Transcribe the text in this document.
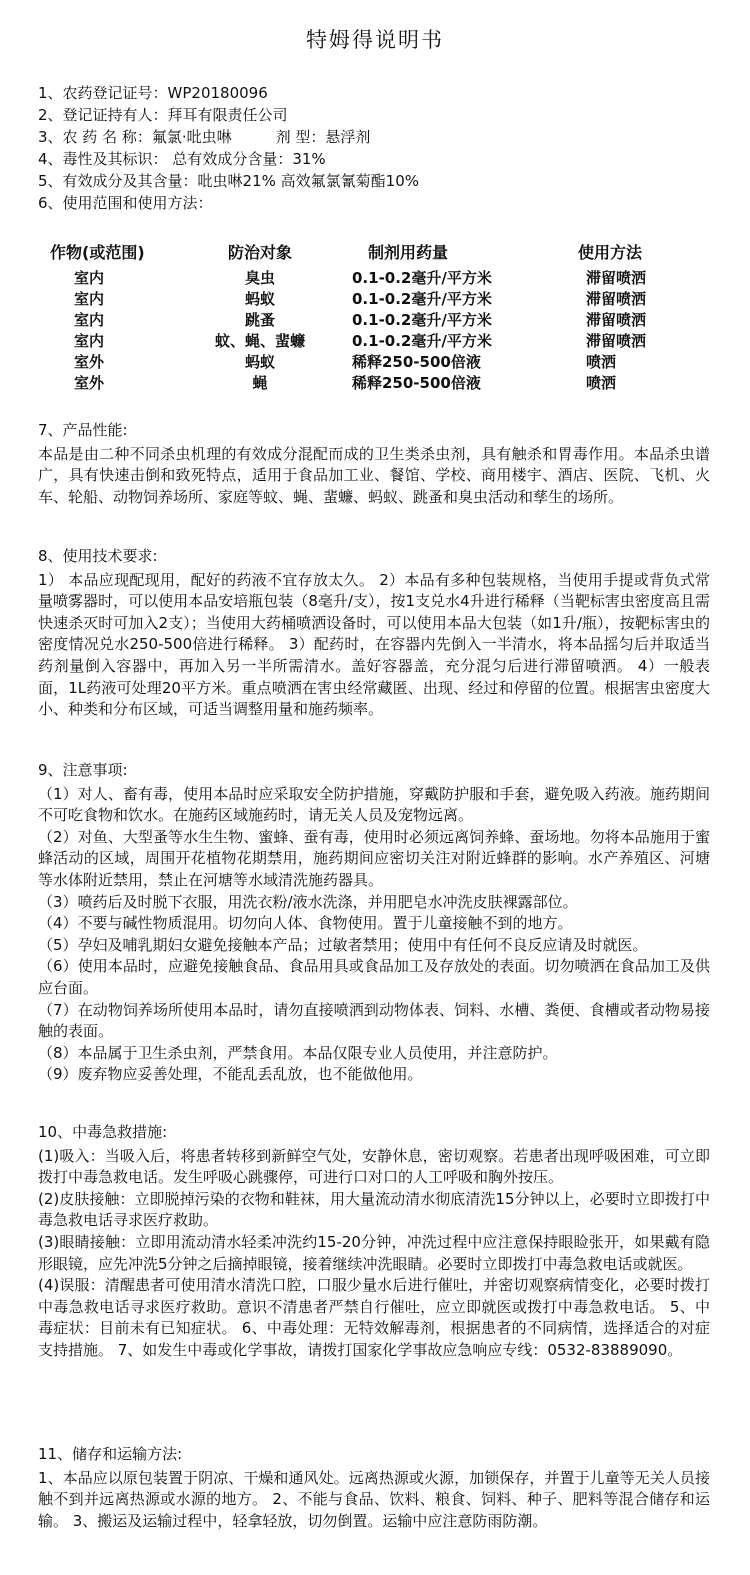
特姆得说明书

1、农药登记证号：WP20180096

2、登记证持有人：拜耳有限责任公司

3、农 药 名 称：氟氯·吡虫啉	剂 型：悬浮剂

4、毒性及其标识： 总有效成分含量：31%

5、有效成分及其含量：吡虫啉21% 高效氟氯氰菊酯10%

6、使用范围和使用方法：

作物(或范围)	防治对象	制剂用药量	使用方法
室内	臭虫	0.1-0.2毫升/平方米	滞留喷洒
室内	蚂蚁	0.1-0.2毫升/平方米	滞留喷洒
室内	跳蚤	0.1-0.2毫升/平方米	滞留喷洒
室内	蚊、蝇、蜚蠊	0.1-0.2毫升/平方米	滞留喷洒
室外	蚂蚁	稀释250-500倍液	喷洒
室外	蝇	稀释250-500倍液	喷洒

7、产品性能:

本品是由二种不同杀虫机理的有效成分混配而成的卫生类杀虫剂，具有触杀和胃毒作用。本品杀虫谱广，具有快速击倒和致死特点，适用于食品加工业、餐馆、学校、商用楼宇、酒店、医院、飞机、火车、轮船、动物饲养场所、家庭等蚊、蝇、蜚蠊、蚂蚁、跳蚤和臭虫活动和孳生的场所。

8、使用技术要求:

1） 本品应现配现用，配好的药液不宜存放太久。 2）本品有多种包装规格，当使用手提或背负式常量喷雾器时，可以使用本品安培瓶包装（8毫升/支），按1支兑水4升进行稀释（当靶标害虫密度高且需快速杀灭时可加入2支）；当使用大药桶喷洒设备时，可以使用本品大包装（如1升/瓶），按靶标害虫的密度情况兑水250-500倍进行稀释。 3）配药时，在容器内先倒入一半清水，将本品摇匀后并取适当药剂量倒入容器中，再加入另一半所需清水。盖好容器盖，充分混匀后进行滞留喷洒。 4）一般表面，1L药液可处理20平方米。重点喷洒在害虫经常藏匿、出现、经过和停留的位置。根据害虫密度大小、种类和分布区域，可适当调整用量和施药频率。

9、注意事项:

（1）对人、畜有毒，使用本品时应采取安全防护措施，穿戴防护服和手套，避免吸入药液。施药期间不可吃食物和饮水。在施药区域施药时，请无关人员及宠物远离。

（2）对鱼、大型蚤等水生生物、蜜蜂、蚕有毒，使用时必须远离饲养蜂、蚕场地。勿将本品施用于蜜蜂活动的区域，周围开花植物花期禁用，施药期间应密切关注对附近蜂群的影响。水产养殖区、河塘等水体附近禁用，禁止在河塘等水域清洗施药器具。

（3）喷药后及时脱下衣服，用洗衣粉/液水洗涤，并用肥皂水冲洗皮肤裸露部位。

（4）不要与碱性物质混用。切勿向人体、食物使用。置于儿童接触不到的地方。

（5）孕妇及哺乳期妇女避免接触本产品；过敏者禁用；使用中有任何不良反应请及时就医。

（6）使用本品时，应避免接触食品、食品用具或食品加工及存放处的表面。切勿喷洒在食品加工及供应台面。

（7）在动物饲养场所使用本品时，请勿直接喷洒到动物体表、饲料、水槽、粪便、食槽或者动物易接触的表面。

（8）本品属于卫生杀虫剂，严禁食用。本品仅限专业人员使用，并注意防护。

（9）废弃物应妥善处理，不能乱丢乱放，也不能做他用。

10、中毒急救措施:

(1)吸入：当吸入后，将患者转移到新鲜空气处，安静休息，密切观察。若患者出现呼吸困难，可立即拨打中毒急救电话。发生呼吸心跳骤停，可进行口对口的人工呼吸和胸外按压。

(2)皮肤接触：立即脱掉污染的衣物和鞋袜，用大量流动清水彻底清洗15分钟以上，必要时立即拨打中毒急救电话寻求医疗救助。

(3)眼睛接触：立即用流动清水轻柔冲洗约15-20分钟，冲洗过程中应注意保持眼睑张开，如果戴有隐形眼镜，应先冲洗5分钟之后摘掉眼镜，接着继续冲洗眼睛。必要时立即拨打中毒急救电话或就医。

(4)误服：清醒患者可使用清水清洗口腔，口服少量水后进行催吐，并密切观察病情变化，必要时拨打中毒急救电话寻求医疗救助。意识不清患者严禁自行催吐，应立即就医或拨打中毒急救电话。 5、中毒症状：目前未有已知症状。 6、中毒处理：无特效解毒剂，根据患者的不同病情，选择适合的对症支持措施。 7、如发生中毒或化学事故，请拨打国家化学事故应急响应专线：0532-83889090。

11、储存和运输方法:

1、本品应以原包装置于阴凉、干燥和通风处。远离热源或火源，加锁保存，并置于儿童等无关人员接触不到并远离热源或水源的地方。 2、不能与食品、饮料、粮食、饲料、种子、肥料等混合储存和运输。 3、搬运及运输过程中，轻拿轻放，切勿倒置。运输中应注意防雨防潮。
